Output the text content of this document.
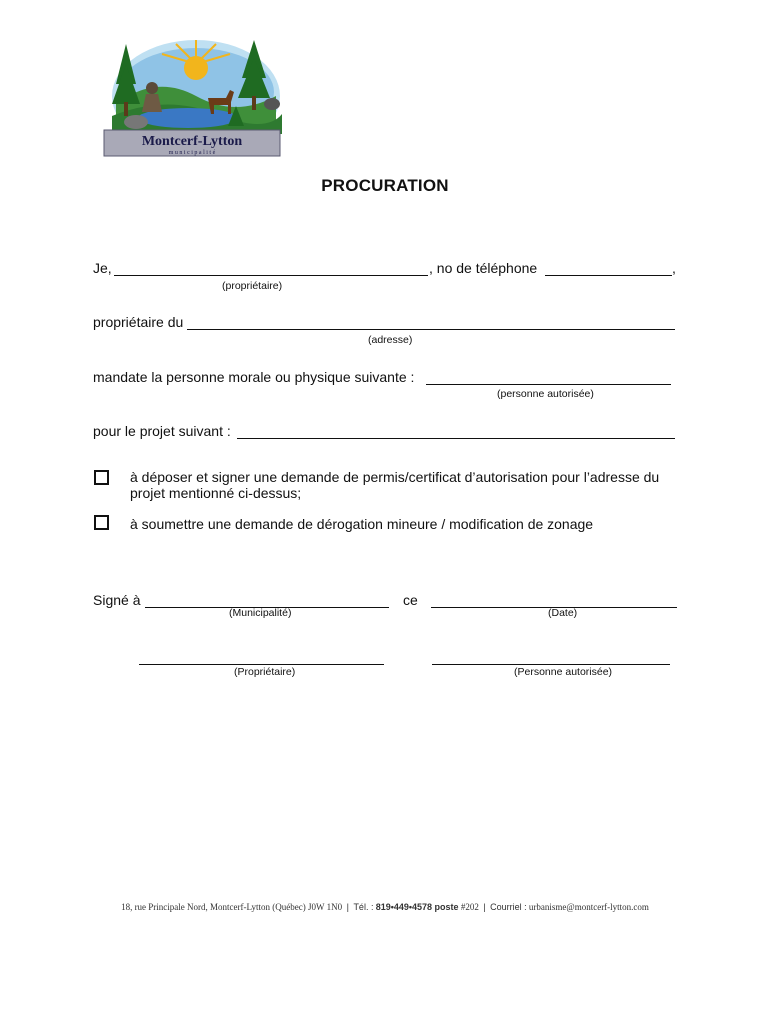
Montcerf-Lytton
m u n i c i p a l i t é
PROCURATION
Je,	, no de téléphone	,
(propriétaire)
propriétaire du
(adresse)
mandate la personne morale ou physique suivante :
(personne autorisée)
pour le projet suivant :
à déposer et signer une demande de permis/certificat d’autorisation pour l’adresse du projet mentionné ci-dessus;
à soumettre une demande de dérogation mineure / modification de zonage
Signé à
(Municipalité)
ce
(Date)
(Propriétaire)	(Personne autorisée)
18, rue Principale Nord, Montcerf-Lytton (Québec) J0W 1N0 | Tél. : 819•449•4578 poste #202 | Courriel : urbanisme@montcerf-lytton.com
